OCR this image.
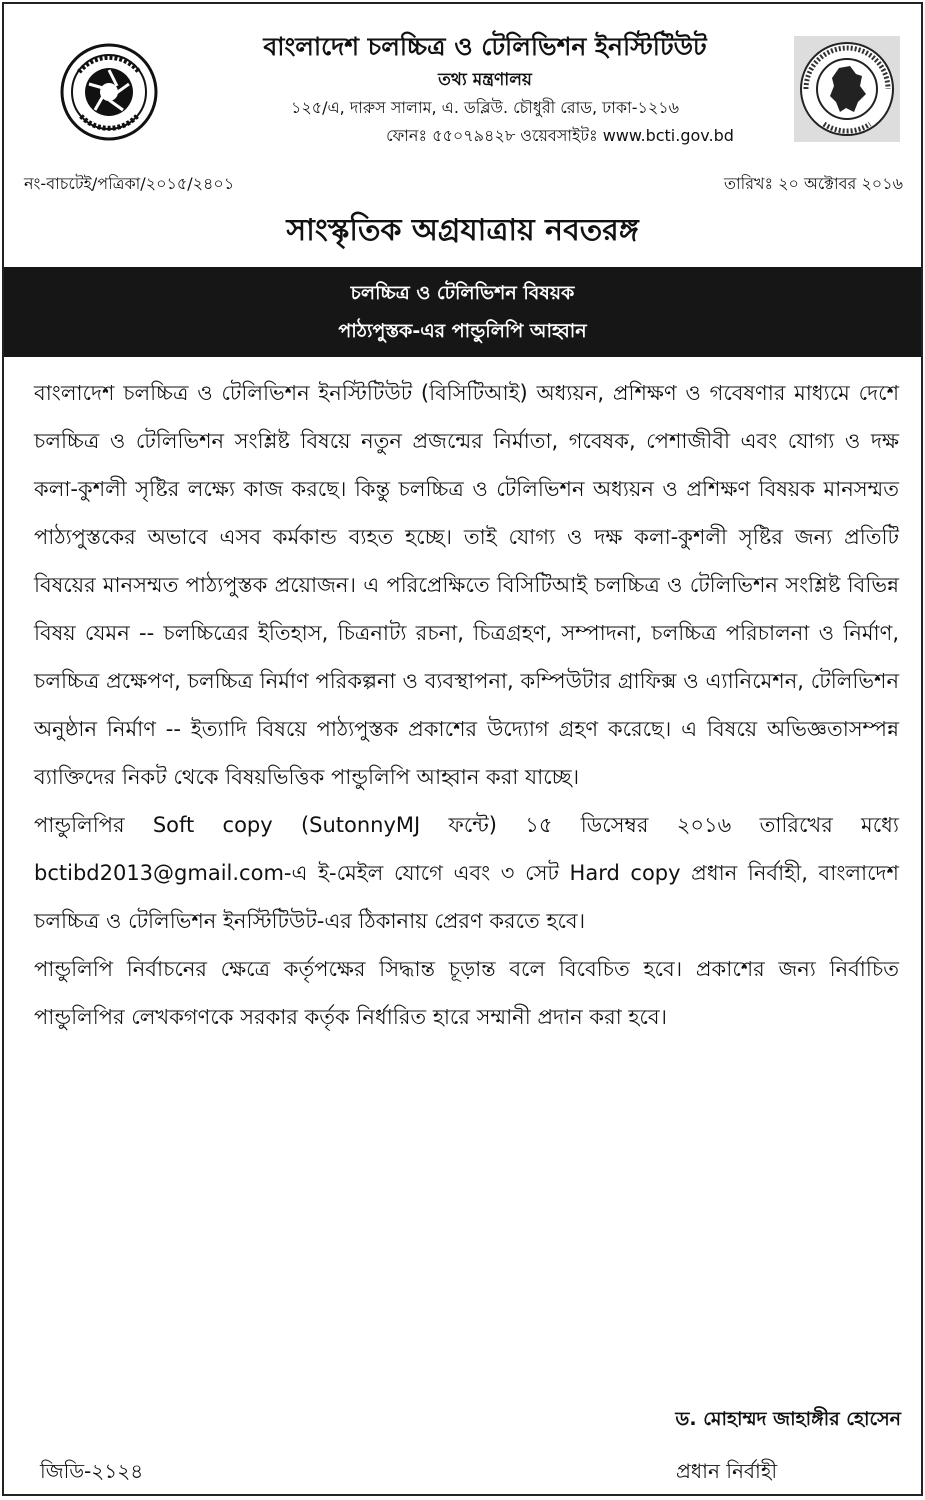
বাংলাদেশ চলচ্চিত্র ও টেলিভিশন ইনস্টিটিউট
তথ্য মন্ত্রণালয়
১২৫/এ, দারুস সালাম, এ. ডব্লিউ. চৌধুরী রোড, ঢাকা-১২১৬
ফোনঃ ৫৫০৭৯৪২৮ ওয়েবসাইটঃ www.bcti.gov.bd
নং-বাচটেই/পত্রিকা/২০১৫/২৪০১	তারিখঃ ২০ অক্টোবর ২০১৬
সাংস্কৃতিক অগ্রযাত্রায় নবতরঙ্গ
চলচ্চিত্র ও টেলিভিশন বিষয়ক
পাঠ্যপুস্তক-এর পান্ডুলিপি আহ্বান

বাংলাদেশ চলচ্চিত্র ও টেলিভিশন ইনস্টিটিউট (বিসিটিআই) অধ্যয়ন, প্রশিক্ষণ ও গবেষণার মাধ্যমে দেশে চলচ্চিত্র ও টেলিভিশন সংশ্লিষ্ট বিষয়ে নতুন প্রজন্মের নির্মাতা, গবেষক, পেশাজীবী এবং যোগ্য ও দক্ষ কলা-কুশলী সৃষ্টির লক্ষ্যে কাজ করছে। কিন্তু চলচ্চিত্র ও টেলিভিশন অধ্যয়ন ও প্রশিক্ষণ বিষয়ক মানসম্মত পাঠ্যপুস্তকের অভাবে এসব কর্মকান্ড ব্যহত হচ্ছে। তাই যোগ্য ও দক্ষ কলা-কুশলী সৃষ্টির জন্য প্রতিটি বিষয়ের মানসম্মত পাঠ্যপুস্তক প্রয়োজন। এ পরিপ্রেক্ষিতে বিসিটিআই চলচ্চিত্র ও টেলিভিশন সংশ্লিষ্ট বিভিন্ন বিষয় যেমন -- চলচ্চিত্রের ইতিহাস, চিত্রনাট্য রচনা, চিত্রগ্রহণ, সম্পাদনা, চলচ্চিত্র পরিচালনা ও নির্মাণ, চলচ্চিত্র প্রক্ষেপণ, চলচ্চিত্র নির্মাণ পরিকল্পনা ও ব্যবস্থাপনা, কম্পিউটার গ্রাফিক্স ও এ্যানিমেশন, টেলিভিশন অনুষ্ঠান নির্মাণ -- ইত্যাদি বিষয়ে পাঠ্যপুস্তক প্রকাশের উদ্যোগ গ্রহণ করেছে। এ বিষয়ে অভিজ্ঞতাসম্পন্ন ব্যাক্তিদের নিকট থেকে বিষয়ভিত্তিক পান্ডুলিপি আহ্বান করা যাচ্ছে।

পান্ডুলিপির Soft copy (SutonnyMJ ফন্টে) ১৫ ডিসেম্বর ২০১৬ তারিখের মধ্যে bctibd2013@gmail.com-এ ই-মেইল যোগে এবং ৩ সেট Hard copy প্রধান নির্বাহী, বাংলাদেশ চলচ্চিত্র ও টেলিভিশন ইনস্টিটিউট-এর ঠিকানায় প্রেরণ করতে হবে।

পান্ডুলিপি নির্বাচনের ক্ষেত্রে কর্তৃপক্ষের সিদ্ধান্ত চূড়ান্ত বলে বিবেচিত হবে। প্রকাশের জন্য নির্বাচিত পান্ডুলিপির লেখকগণকে সরকার কর্তৃক নির্ধারিত হারে সম্মানী প্রদান করা হবে।

ড. মোহাম্মদ জাহাঙ্গীর হোসেন
জিডি-২১২৪	প্রধান নির্বাহী
